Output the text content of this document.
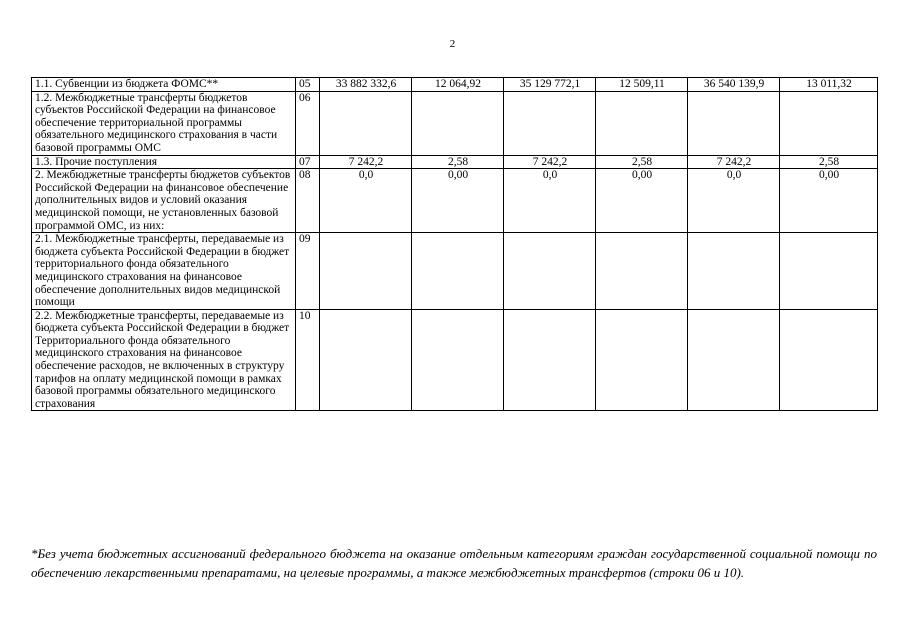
2
1.1. Субвенции из бюджета ФОМС**	05	33 882 332,6	12 064,92	35 129 772,1	12 509,11	36 540 139,9	13 011,32
1.2. Межбюджетные трансферты бюджетов субъектов Российской Федерации на финансовое обеспечение территориальной программы обязательного медицинского страхования в части базовой программы ОМС	06						
1.3. Прочие поступления	07	7 242,2	2,58	7 242,2	2,58	7 242,2	2,58
2. Межбюджетные трансферты бюджетов субъектов Российской Федерации на финансовое обеспечение дополнительных видов и условий оказания медицинской помощи, не установленных базовой программой ОМС, из них:	08	0,0	0,00	0,0	0,00	0,0	0,00
2.1. Межбюджетные трансферты, передаваемые из бюджета субъекта Российской Федерации в бюджет территориального фонда обязательного медицинского страхования на финансовое обеспечение дополнительных видов медицинской помощи	09						
2.2. Межбюджетные трансферты, передаваемые из бюджета субъекта Российской Федерации в бюджет Территориального фонда обязательного медицинского страхования на финансовое обеспечение расходов, не включенных в структуру тарифов на оплату медицинской помощи в рамках базовой программы обязательного медицинского страхования	10						
*Без учета бюджетных ассигнований федерального бюджета на оказание отдельным категориям граждан государственной социальной помощи по обеспечению лекарственными препаратами, на целевые программы, а также межбюджетных трансфертов (строки 06 и 10).
